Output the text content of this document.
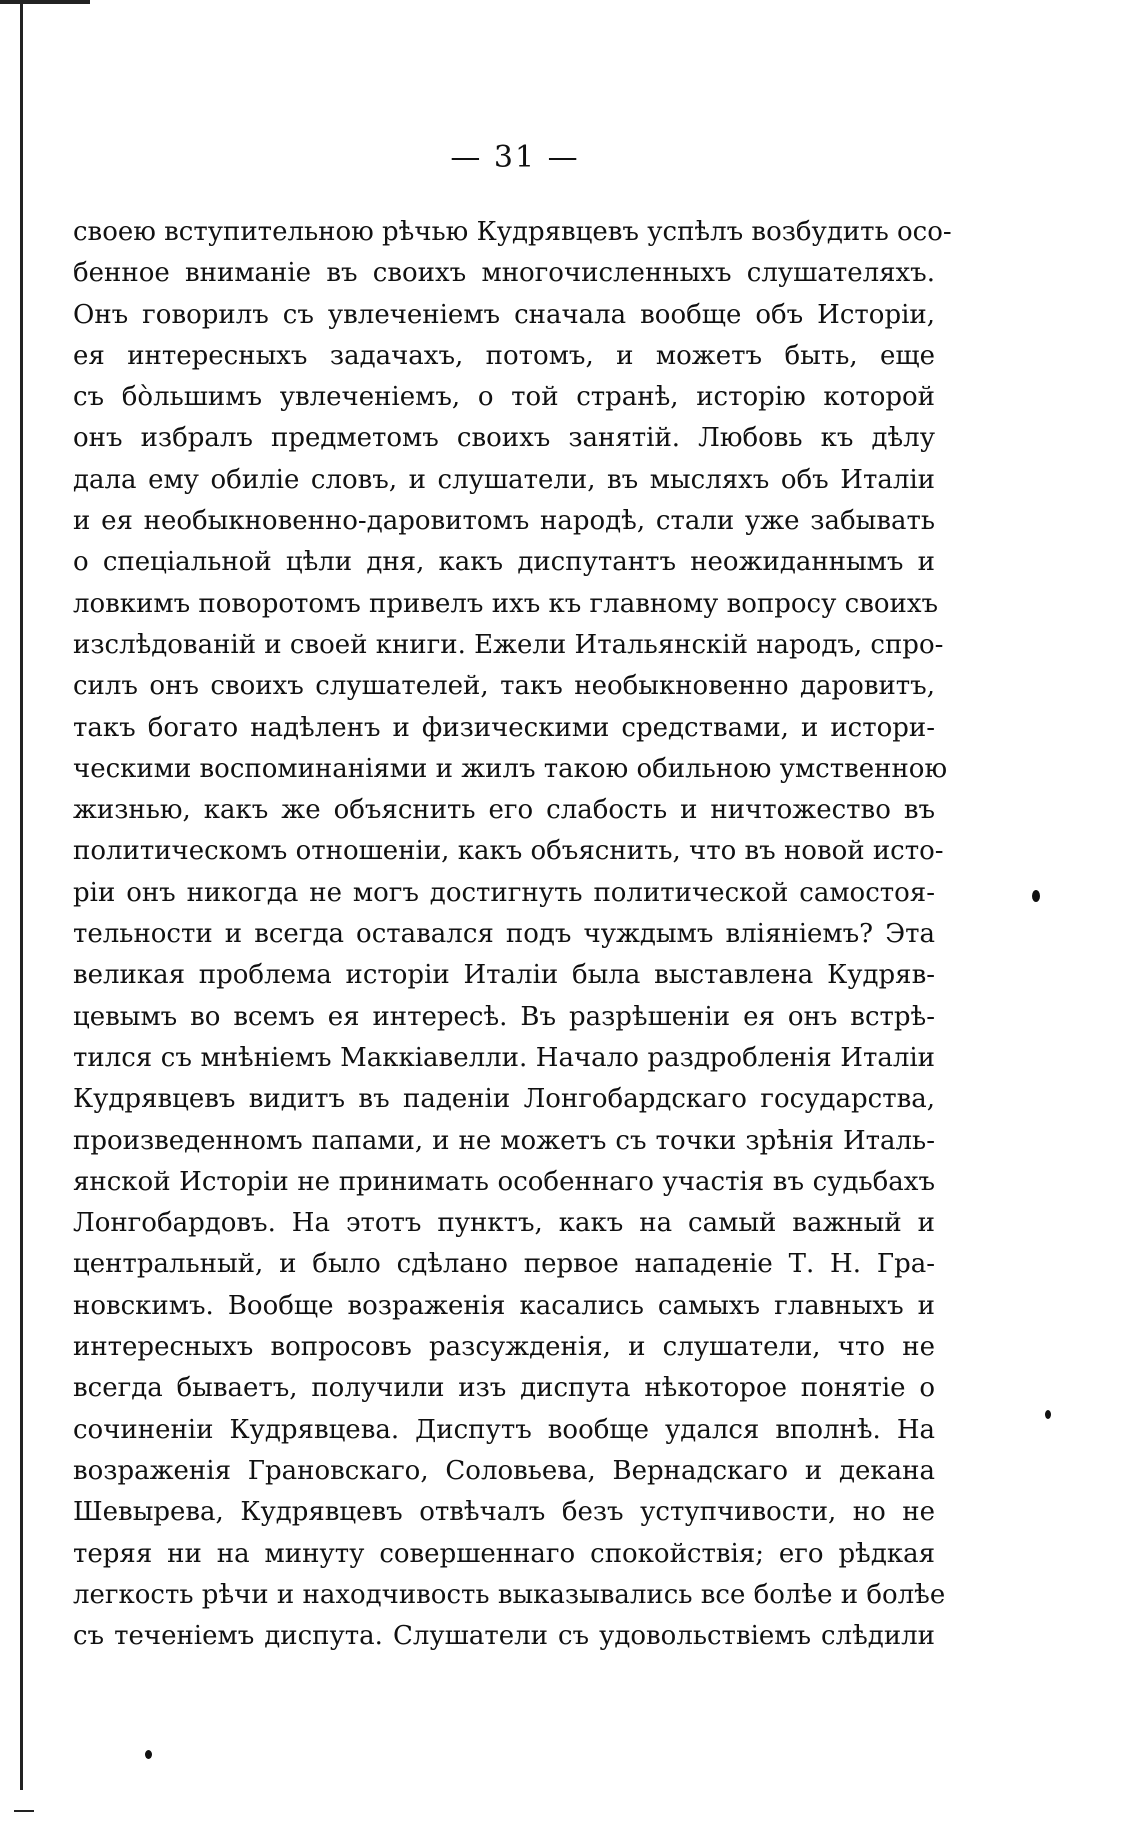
— 31 —
своею вступительною рѣчью Кудрявцевъ успѣлъ возбудить осо-
бенное вниманіе въ своихъ многочисленныхъ слушателяхъ.
Онъ говорилъ съ увлеченіемъ сначала вообще объ Исторіи,
ея интересныхъ задачахъ, потомъ, и можетъ быть, еще
съ бо̀льшимъ увлеченіемъ, о той странѣ, исторію которой
онъ избралъ предметомъ своихъ занятій. Любовь къ дѣлу
дала ему обиліе словъ, и слушатели, въ мысляхъ объ Италіи
и ея необыкновенно-даровитомъ народѣ, стали уже забывать
о спеціальной цѣли дня, какъ диспутантъ неожиданнымъ и
ловкимъ поворотомъ привелъ ихъ къ главному вопросу своихъ
изслѣдованій и своей книги. Ежели Итальянскій народъ, спро-
силъ онъ своихъ слушателей, такъ необыкновенно даровитъ,
такъ богато надѣленъ и физическими средствами, и истори-
ческими воспоминаніями и жилъ такою обильною умственною
жизнью, какъ же объяснить его слабость и ничтожество въ
политическомъ отношеніи, какъ объяснить, что въ новой исто-
ріи онъ никогда не могъ достигнуть политической самостоя-
тельности и всегда оставался подъ чуждымъ вліяніемъ? Эта
великая проблема исторіи Италіи была выставлена Кудряв-
цевымъ во всемъ ея интересѣ. Въ разрѣшеніи ея онъ встрѣ-
тился съ мнѣніемъ Маккіавелли. Начало раздробленія Италіи
Кудрявцевъ видитъ въ паденіи Лонгобардскаго государства,
произведенномъ папами, и не можетъ съ точки зрѣнія Италь-
янской Исторіи не принимать особеннаго участія въ судьбахъ
Лонгобардовъ. На этотъ пунктъ, какъ на самый важный и
центральный, и было сдѣлано первое нападеніе Т. Н. Гра-
новскимъ. Вообще возраженія касались самыхъ главныхъ и
интересныхъ вопросовъ разсужденія, и слушатели, что не
всегда бываетъ, получили изъ диспута нѣкоторое понятіе о
сочиненіи Кудрявцева. Диспутъ вообще удался вполнѣ. На
возраженія Грановскаго, Соловьева, Вернадскаго и декана
Шевырева, Кудрявцевъ отвѣчалъ безъ уступчивости, но не
теряя ни на минуту совершеннаго спокойствія; его рѣдкая
легкость рѣчи и находчивость выказывались все болѣе и болѣе
съ теченіемъ диспута. Слушатели съ удовольствіемъ слѣдили
